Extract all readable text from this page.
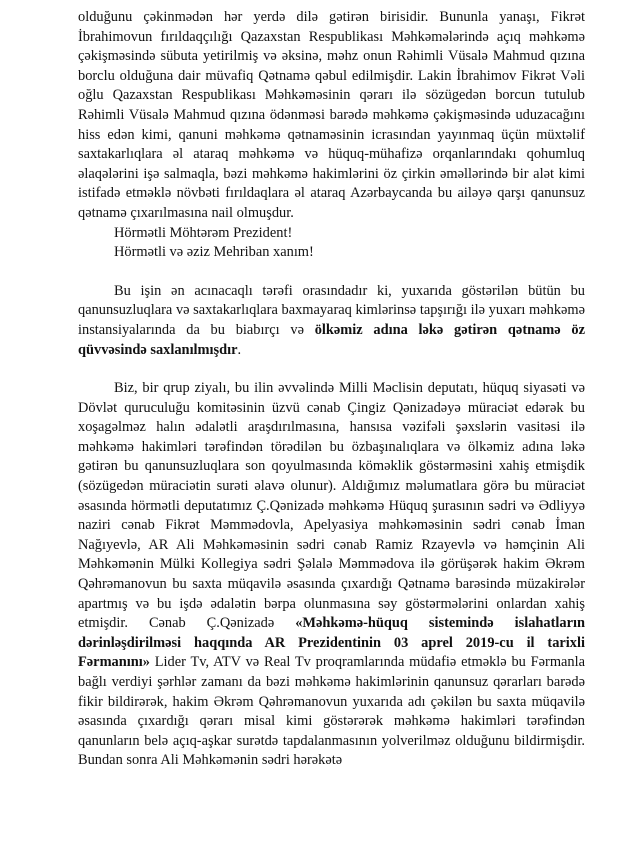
olduğunu çəkinmədən hər yerdə dilə gətirən birisidir. Bununla yanaşı, Fikrət İbrahimovun fırıldaqçılığı Qazaxstan Respublikası Məhkəmələrində açıq məhkəmə çəkişməsində sübuta yetirilmiş və əksinə, məhz onun Rəhimli Vüsalə Mahmud qızına borclu olduğuna dair müvafiq Qətnamə qəbul edilmişdir. Lakin İbrahimov Fikrət Vəli oğlu Qazaxstan Respublikası Məhkəməsinin qərarı ilə sözügedən borcun tutulub Rəhimli Vüsalə Mahmud qızına ödənməsi barədə məhkəmə çəkişməsində uduzacağını hiss edən kimi, qanuni məhkəmə qətnaməsinin icrasından yayınmaq üçün müxtəlif saxtakarlıqlara əl ataraq məhkəmə və hüquq-mühafizə orqanlarındakı qohumluq əlaqələrini işə salmaqla, bəzi məhkəmə hakimlərini öz çirkin əməllərində bir alət kimi istifadə etməklə növbəti fırıldaqlara əl ataraq Azərbaycanda bu ailəyə qarşı qanunsuz qətnamə çıxarılmasına nail olmuşdur.

Hörmətli Möhtərəm Prezident!

Hörmətli və əziz Mehriban xanım!

Bu işin ən acınacaqlı tərəfi orasındadır ki, yuxarıda göstərilən bütün bu qanunsuzluqlara və saxtakarlıqlara baxmayaraq kimlərinsə tapşırığı ilə yuxarı məhkəmə instansiyalarında da bu biabırçı və ölkəmiz adına ləkə gətirən qətnamə öz qüvvəsində saxlanılmışdır.

Biz, bir qrup ziyalı, bu ilin əvvəlində Milli Məclisin deputatı, hüquq siyasəti və Dövlət quruculuğu komitəsinin üzvü cənab Çingiz Qənizadəyə müraciət edərək bu xoşagəlməz halın ədalətli araşdırılmasına, hansısa vəzifəli şəxslərin vasitəsi ilə məhkəmə hakimləri tərəfindən törədilən bu özbaşınalıqlara və ölkəmiz adına ləkə gətirən bu qanunsuzluqlara son qoyulmasında köməklik göstərməsini xahiş etmişdik (sözügedən müraciətin surəti əlavə olunur). Aldığımız məlumatlara görə bu müraciət əsasında hörmətli deputatımız Ç.Qənizadə məhkəmə Hüquq şurasının sədri və Ədliyyə naziri cənab Fikrət Məmmədovla, Apelyasiya məhkəməsinin sədri cənab İman Nağıyevlə, AR Ali Məhkəməsinin sədri cənab Ramiz Rzayevlə və həmçinin Ali Məhkəmənin Mülki Kollegiya sədri Şəlalə Məmmədova ilə görüşərək hakim Əkrəm Qəhrəmanovun bu saxta müqavilə əsasında çıxardığı Qətnamə barəsində müzakirələr apartmış və bu işdə ədalətin bərpa olunmasına səy göstərmələrini onlardan xahiş etmişdir. Cənab Ç.Qənizadə «Məhkəmə-hüquq sistemində islahatların dərinləşdirilməsi haqqında AR Prezidentinin 03 aprel 2019-cu il tarixli Fərmanını» Lider Tv, ATV və Real Tv proqramlarında müdafiə etməklə bu Fərmanla bağlı verdiyi şərhlər zamanı da bəzi məhkəmə hakimlərinin qanunsuz qərarları barədə fikir bildirərək, hakim Əkrəm Qəhrəmanovun yuxarıda adı çəkilən bu saxta müqavilə əsasında çıxardığı qərarı misal kimi göstərərək məhkəmə hakimləri tərəfindən qanunların belə açıq-aşkar surətdə tapdalanmasının yolverilməz olduğunu bildirmişdir. Bundan sonra Ali Məhkəmənin sədri hərəkətə
